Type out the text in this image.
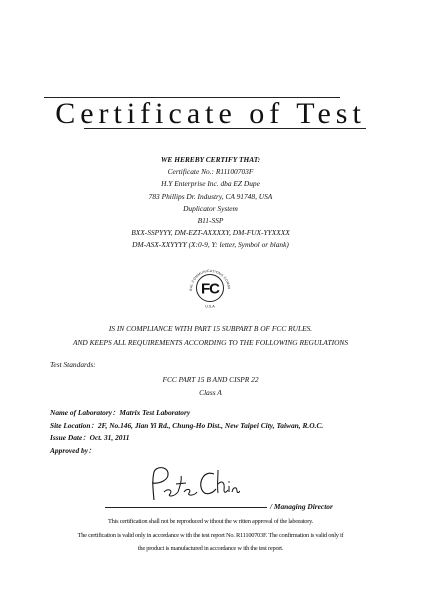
Certificate of Test
WE HEREBY CERTIFY THAT:
Certificate No.: R11100703F
H.Y Enterprise Inc. dba EZ Dupe
783 Phillips Dr. Industry, CA 91748, USA
Duplicator System
B11-SSP
BXX-SSPYYY, DM-EZT-AXXXXY, DM-FUX-YYXXXX
DM-ASX-XXYYYY (X:0-9, Y: letter, Symbol or blank)
RAL COMMUNICATIONS COMMI
U.S.A
FC
IS IN COMPLIANCE WITH PART 15 SUBPART B OF FCC RULES.
AND KEEPS ALL REQUIREMENTS ACCORDING TO THE FOLLOWING REGULATIONS
Test Standards:
FCC PART 15 B AND CISPR 22
Class A
Name of Laboratory：Matrix Test Laboratory
Site Location：2F, No.146, Jian Yi Rd., Chung-Ho Dist., New Taipei City, Taiwan, R.O.C.
Issue Date：Oct. 31, 2011
Approved by：
/ Managing Director
This certification shall not be reproduced w ithout the w ritten approval of the laboratory.
The certification is valid only in accordance w ith the test report No. R11100703F. The confirmation is valid only if
the product is manufactured in accordance w ith the test report.
